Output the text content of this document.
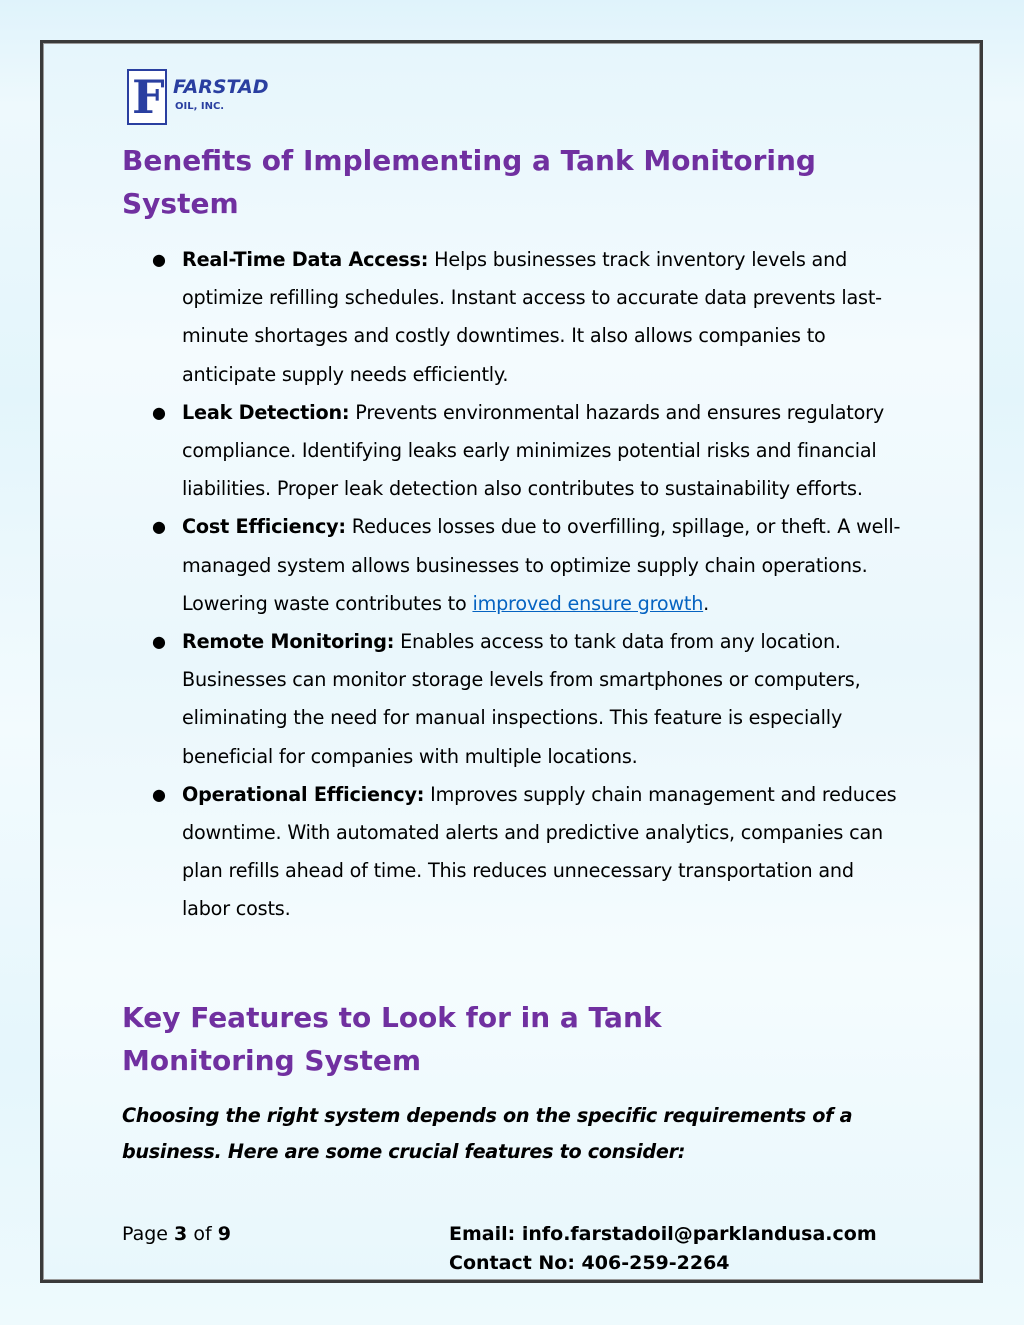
F FARSTAD
OIL, INC.
Benefits of Implementing a Tank Monitoring System
● Real-Time Data Access: Helps businesses track inventory levels and optimize refilling schedules. Instant access to accurate data prevents last-minute shortages and costly downtimes. It also allows companies to anticipate supply needs efficiently.
● Leak Detection: Prevents environmental hazards and ensures regulatory compliance. Identifying leaks early minimizes potential risks and financial liabilities. Proper leak detection also contributes to sustainability efforts.
● Cost Efficiency: Reduces losses due to overfilling, spillage, or theft. A well-managed system allows businesses to optimize supply chain operations. Lowering waste contributes to improved ensure growth.
● Remote Monitoring: Enables access to tank data from any location. Businesses can monitor storage levels from smartphones or computers, eliminating the need for manual inspections. This feature is especially beneficial for companies with multiple locations.
● Operational Efficiency: Improves supply chain management and reduces downtime. With automated alerts and predictive analytics, companies can plan refills ahead of time. This reduces unnecessary transportation and labor costs.
Key Features to Look for in a Tank Monitoring System

Choosing the right system depends on the specific requirements of a business. Here are some crucial features to consider:

Page 3 of 9	Email: info.farstadoil@parklandusa.com
Contact No: 406-259-2264
